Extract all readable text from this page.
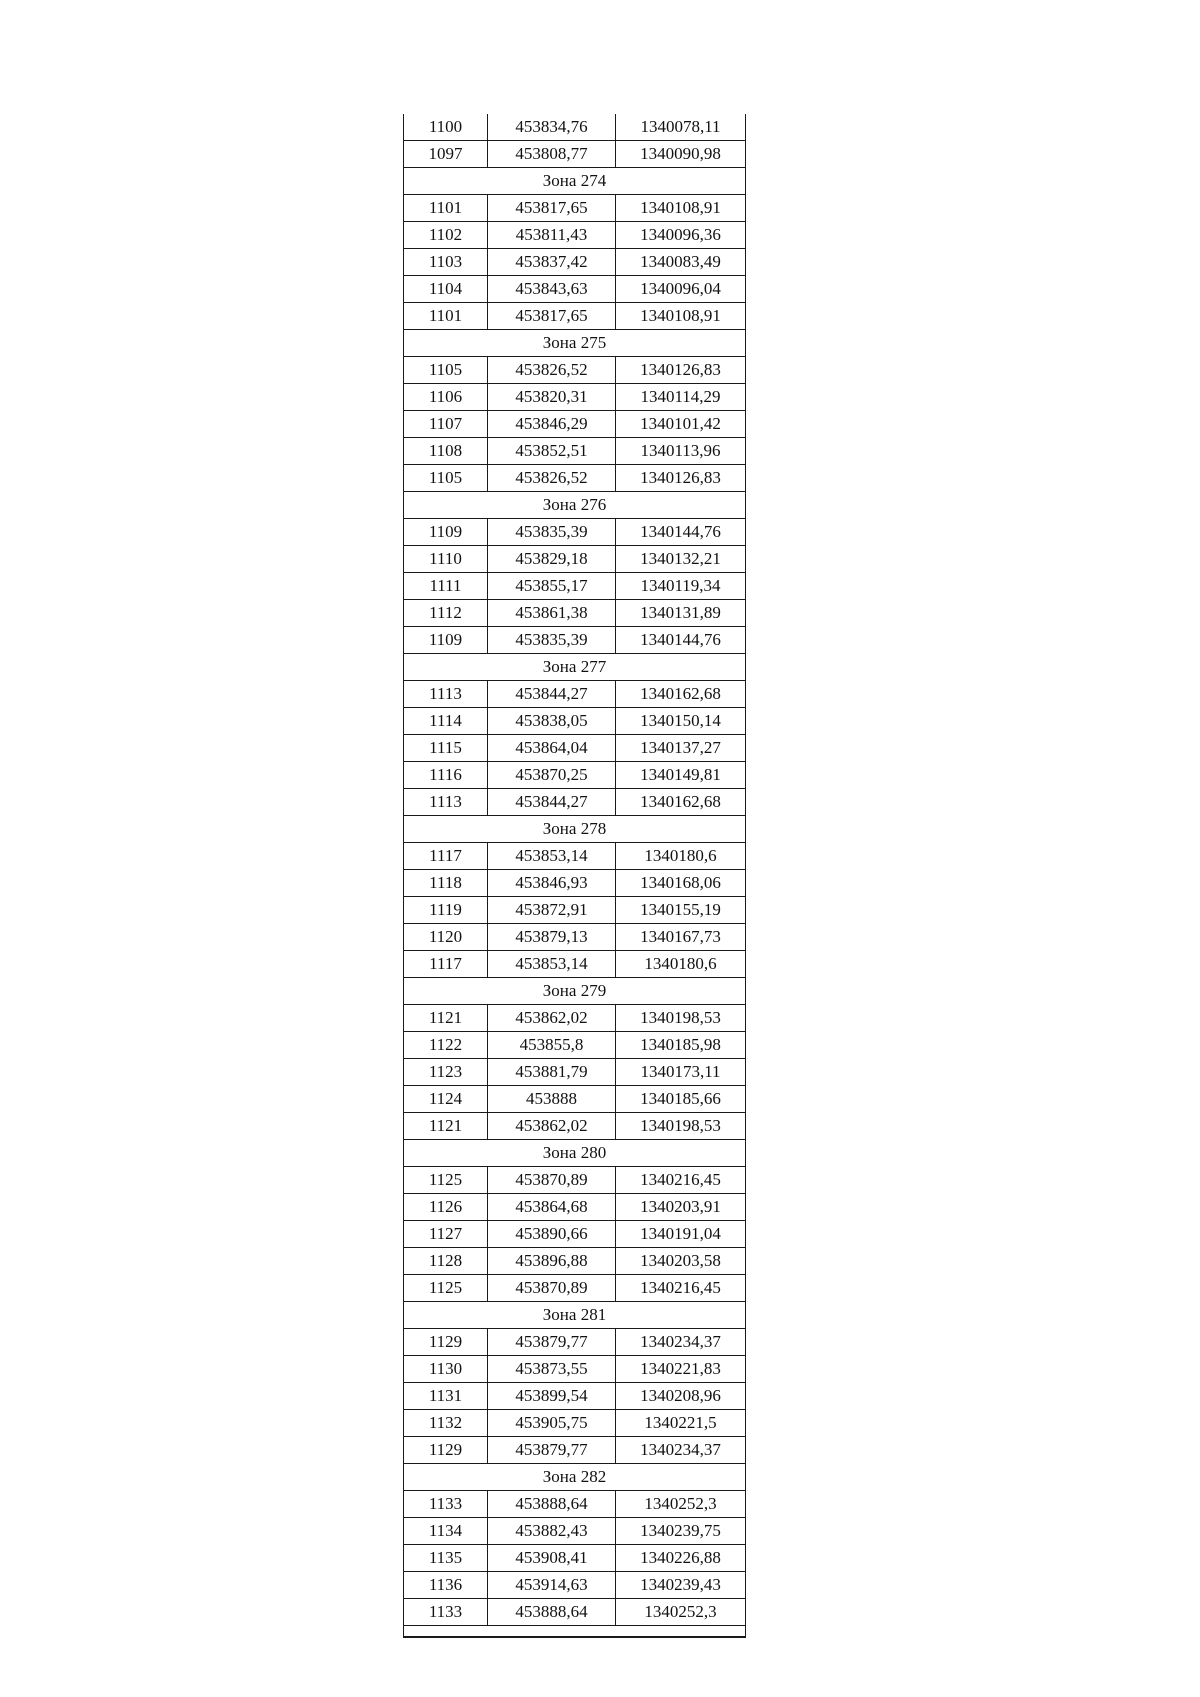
1100	453834,76	1340078,11
1097	453808,77	1340090,98
Зона 274		
1101	453817,65	1340108,91
1102	453811,43	1340096,36
1103	453837,42	1340083,49
1104	453843,63	1340096,04
1101	453817,65	1340108,91
Зона 275		
1105	453826,52	1340126,83
1106	453820,31	1340114,29
1107	453846,29	1340101,42
1108	453852,51	1340113,96
1105	453826,52	1340126,83
Зона 276		
1109	453835,39	1340144,76
1110	453829,18	1340132,21
1111	453855,17	1340119,34
1112	453861,38	1340131,89
1109	453835,39	1340144,76
Зона 277		
1113	453844,27	1340162,68
1114	453838,05	1340150,14
1115	453864,04	1340137,27
1116	453870,25	1340149,81
1113	453844,27	1340162,68
Зона 278		
1117	453853,14	1340180,6
1118	453846,93	1340168,06
1119	453872,91	1340155,19
1120	453879,13	1340167,73
1117	453853,14	1340180,6
Зона 279		
1121	453862,02	1340198,53
1122	453855,8	1340185,98
1123	453881,79	1340173,11
1124	453888	1340185,66
1121	453862,02	1340198,53
Зона 280		
1125	453870,89	1340216,45
1126	453864,68	1340203,91
1127	453890,66	1340191,04
1128	453896,88	1340203,58
1125	453870,89	1340216,45
Зона 281		
1129	453879,77	1340234,37
1130	453873,55	1340221,83
1131	453899,54	1340208,96
1132	453905,75	1340221,5
1129	453879,77	1340234,37
Зона 282		
1133	453888,64	1340252,3
1134	453882,43	1340239,75
1135	453908,41	1340226,88
1136	453914,63	1340239,43
1133	453888,64	1340252,3
